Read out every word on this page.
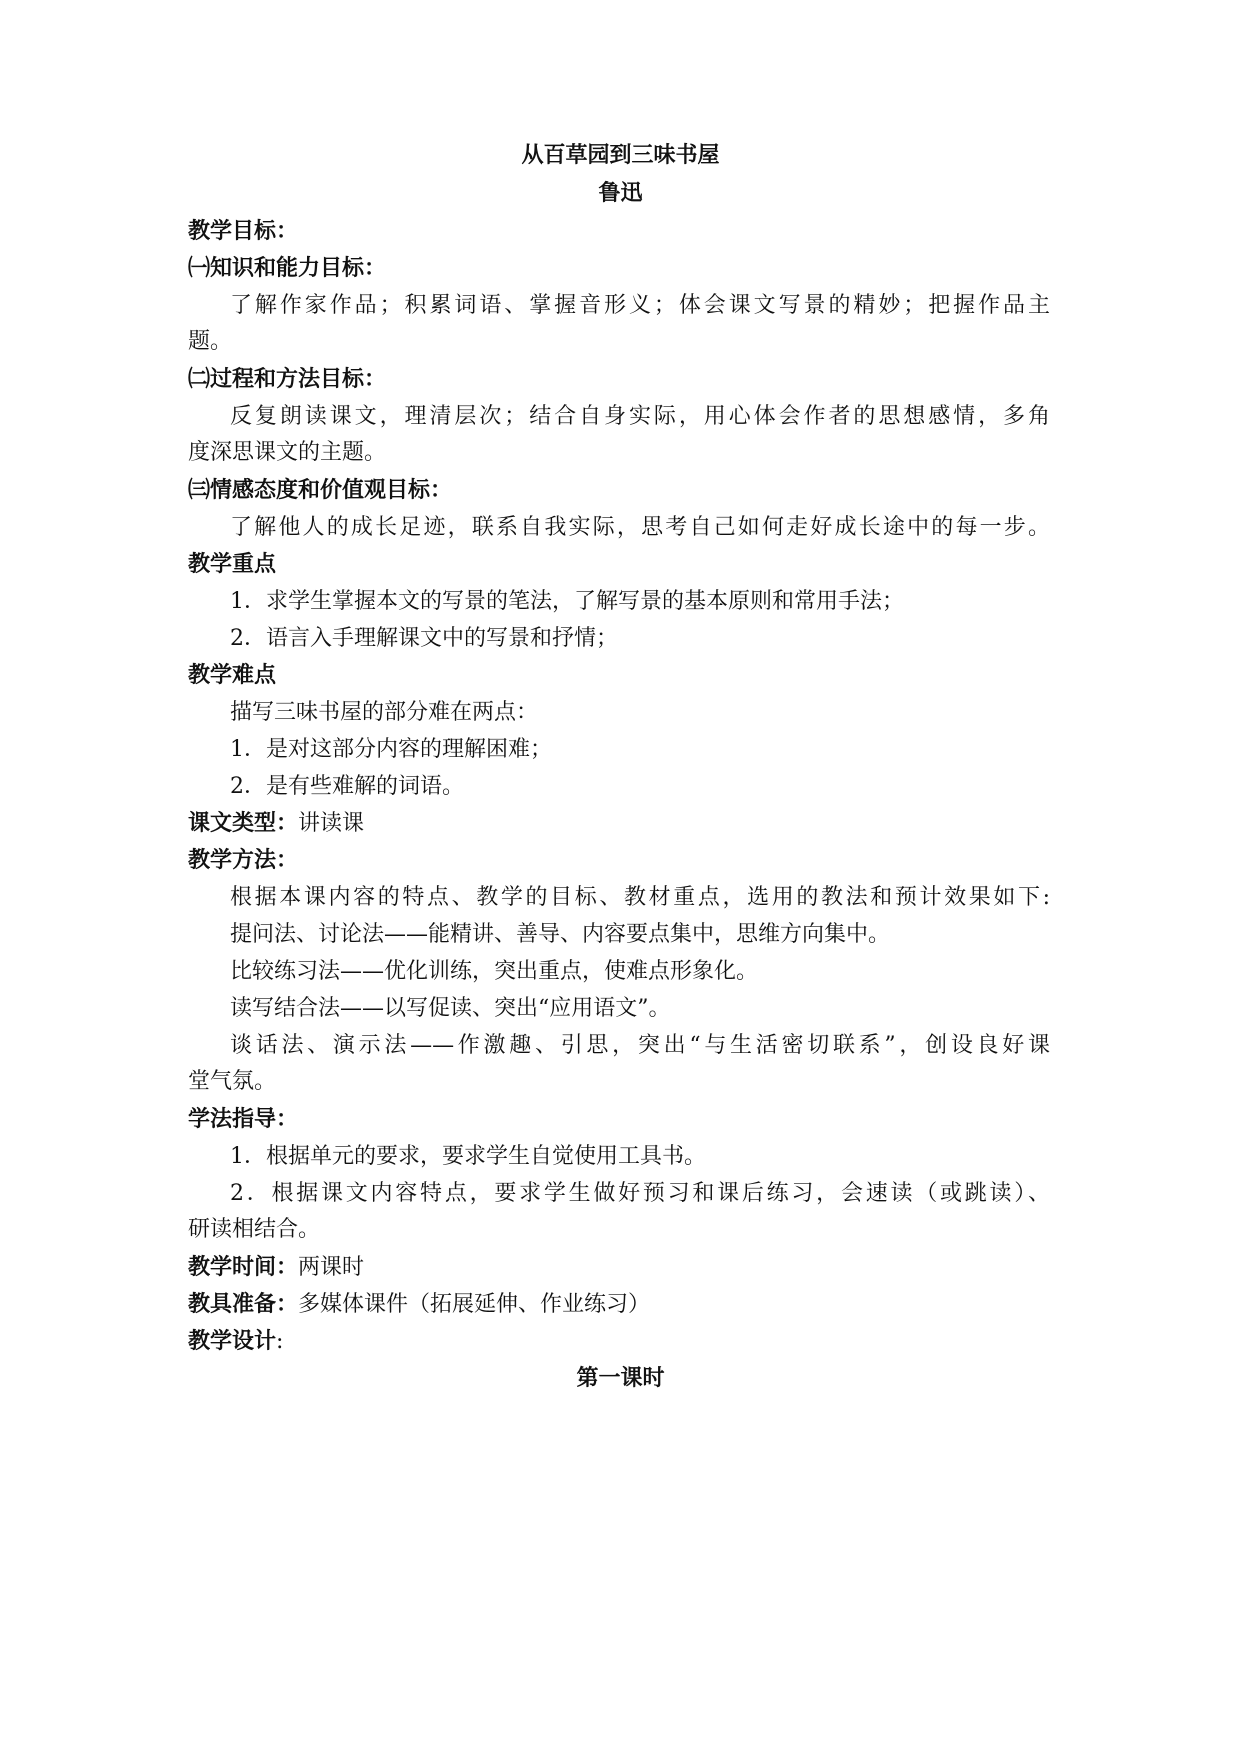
从百草园到三味书屋
鲁迅
教学目标：
㈠知识和能力目标：
了解作家作品；积累词语、掌握音形义；体会课文写景的精妙；把握作品主
题。
㈡过程和方法目标：
反复朗读课文，理清层次；结合自身实际，用心体会作者的思想感情，多角
度深思课文的主题。
㈢情感态度和价值观目标：
了解他人的成长足迹，联系自我实际，思考自己如何走好成长途中的每一步。
教学重点
1．求学生掌握本文的写景的笔法，了解写景的基本原则和常用手法；
2．语言入手理解课文中的写景和抒情；
教学难点
描写三味书屋的部分难在两点：
1．是对这部分内容的理解困难；
2．是有些难解的词语。
课文类型：讲读课
教学方法：
根据本课内容的特点、教学的目标、教材重点，选用的教法和预计效果如下:
提问法、讨论法——能精讲、善导、内容要点集中，思维方向集中。
比较练习法——优化训练，突出重点，使难点形象化。
读写结合法——以写促读、突出“应用语文”。
谈话法、演示法——作激趣、引思，突出“与生活密切联系”，创设良好课
堂气氛。
学法指导：
1．根据单元的要求，要求学生自觉使用工具书。
2．根据课文内容特点，要求学生做好预习和课后练习，会速读（或跳读）、
研读相结合。
教学时间：两课时
教具准备：多媒体课件（拓展延伸、作业练习）
教学设计:
第一课时
